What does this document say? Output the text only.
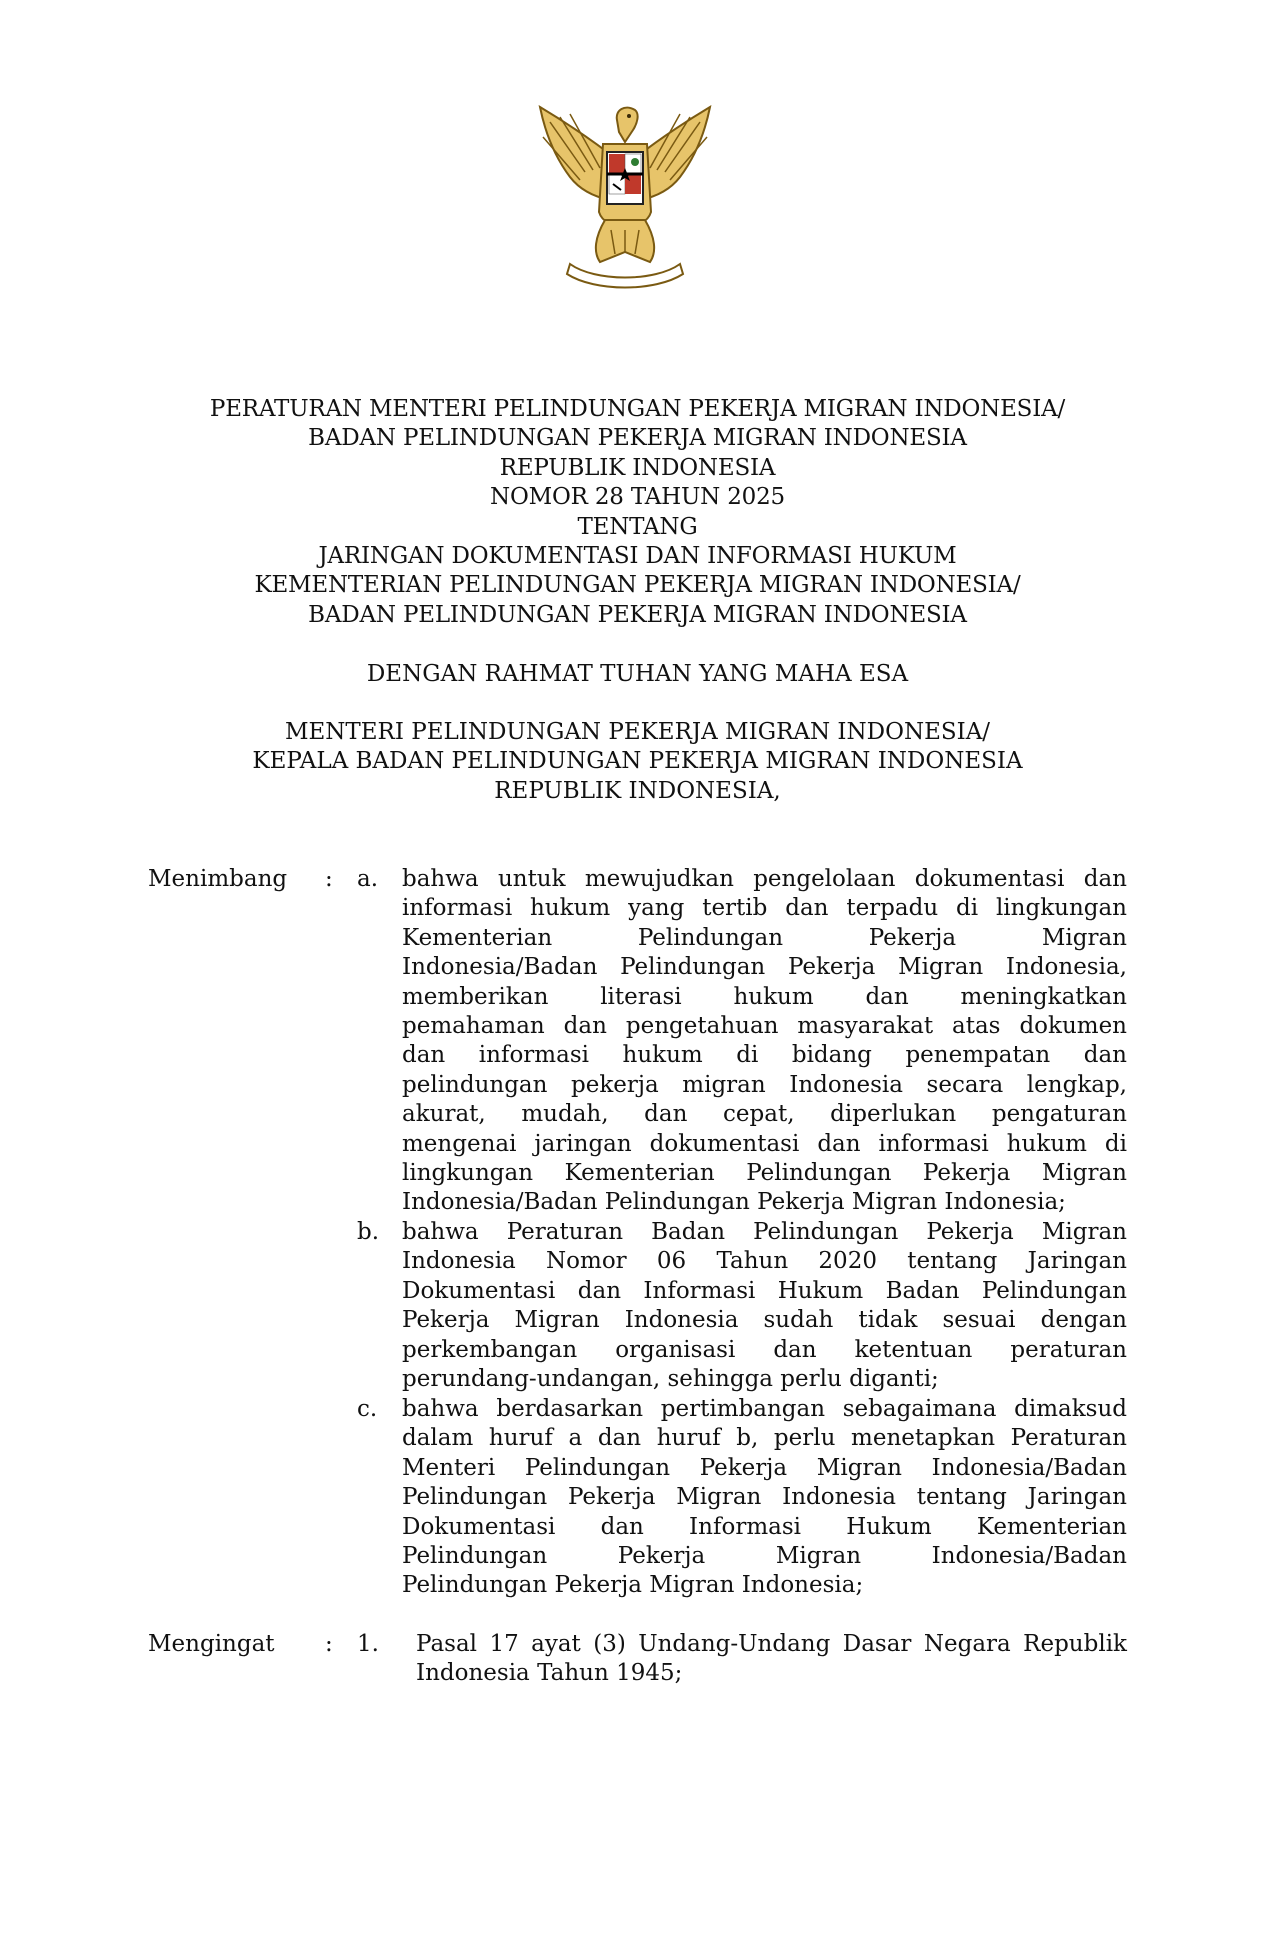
PERATURAN MENTERI PELINDUNGAN PEKERJA MIGRAN INDONESIA/
BADAN PELINDUNGAN PEKERJA MIGRAN INDONESIA
REPUBLIK INDONESIA
NOMOR 28 TAHUN 2025
TENTANG
JARINGAN DOKUMENTASI DAN INFORMASI HUKUM
KEMENTERIAN PELINDUNGAN PEKERJA MIGRAN INDONESIA/
BADAN PELINDUNGAN PEKERJA MIGRAN INDONESIA
DENGAN RAHMAT TUHAN YANG MAHA ESA
MENTERI PELINDUNGAN PEKERJA MIGRAN INDONESIA/
KEPALA BADAN PELINDUNGAN PEKERJA MIGRAN INDONESIA
REPUBLIK INDONESIA,
Menimbang : a. bahwa untuk mewujudkan pengelolaan dokumentasi dan
informasi hukum yang tertib dan terpadu di lingkungan
Kementerian Pelindungan Pekerja Migran
Indonesia/Badan Pelindungan Pekerja Migran Indonesia,
memberikan literasi hukum dan meningkatkan
pemahaman dan pengetahuan masyarakat atas dokumen
dan informasi hukum di bidang penempatan dan
pelindungan pekerja migran Indonesia secara lengkap,
akurat, mudah, dan cepat, diperlukan pengaturan
mengenai jaringan dokumentasi dan informasi hukum di
lingkungan Kementerian Pelindungan Pekerja Migran
Indonesia/Badan Pelindungan Pekerja Migran Indonesia;
b. bahwa Peraturan Badan Pelindungan Pekerja Migran
Indonesia Nomor 06 Tahun 2020 tentang Jaringan
Dokumentasi dan Informasi Hukum Badan Pelindungan
Pekerja Migran Indonesia sudah tidak sesuai dengan
perkembangan organisasi dan ketentuan peraturan
perundang-undangan, sehingga perlu diganti;
c. bahwa berdasarkan pertimbangan sebagaimana dimaksud
dalam huruf a dan huruf b, perlu menetapkan Peraturan
Menteri Pelindungan Pekerja Migran Indonesia/Badan
Pelindungan Pekerja Migran Indonesia tentang Jaringan
Dokumentasi dan Informasi Hukum Kementerian
Pelindungan Pekerja Migran Indonesia/Badan
Pelindungan Pekerja Migran Indonesia;
Mengingat : 1. Pasal 17 ayat (3) Undang-Undang Dasar Negara Republik
Indonesia Tahun 1945;
